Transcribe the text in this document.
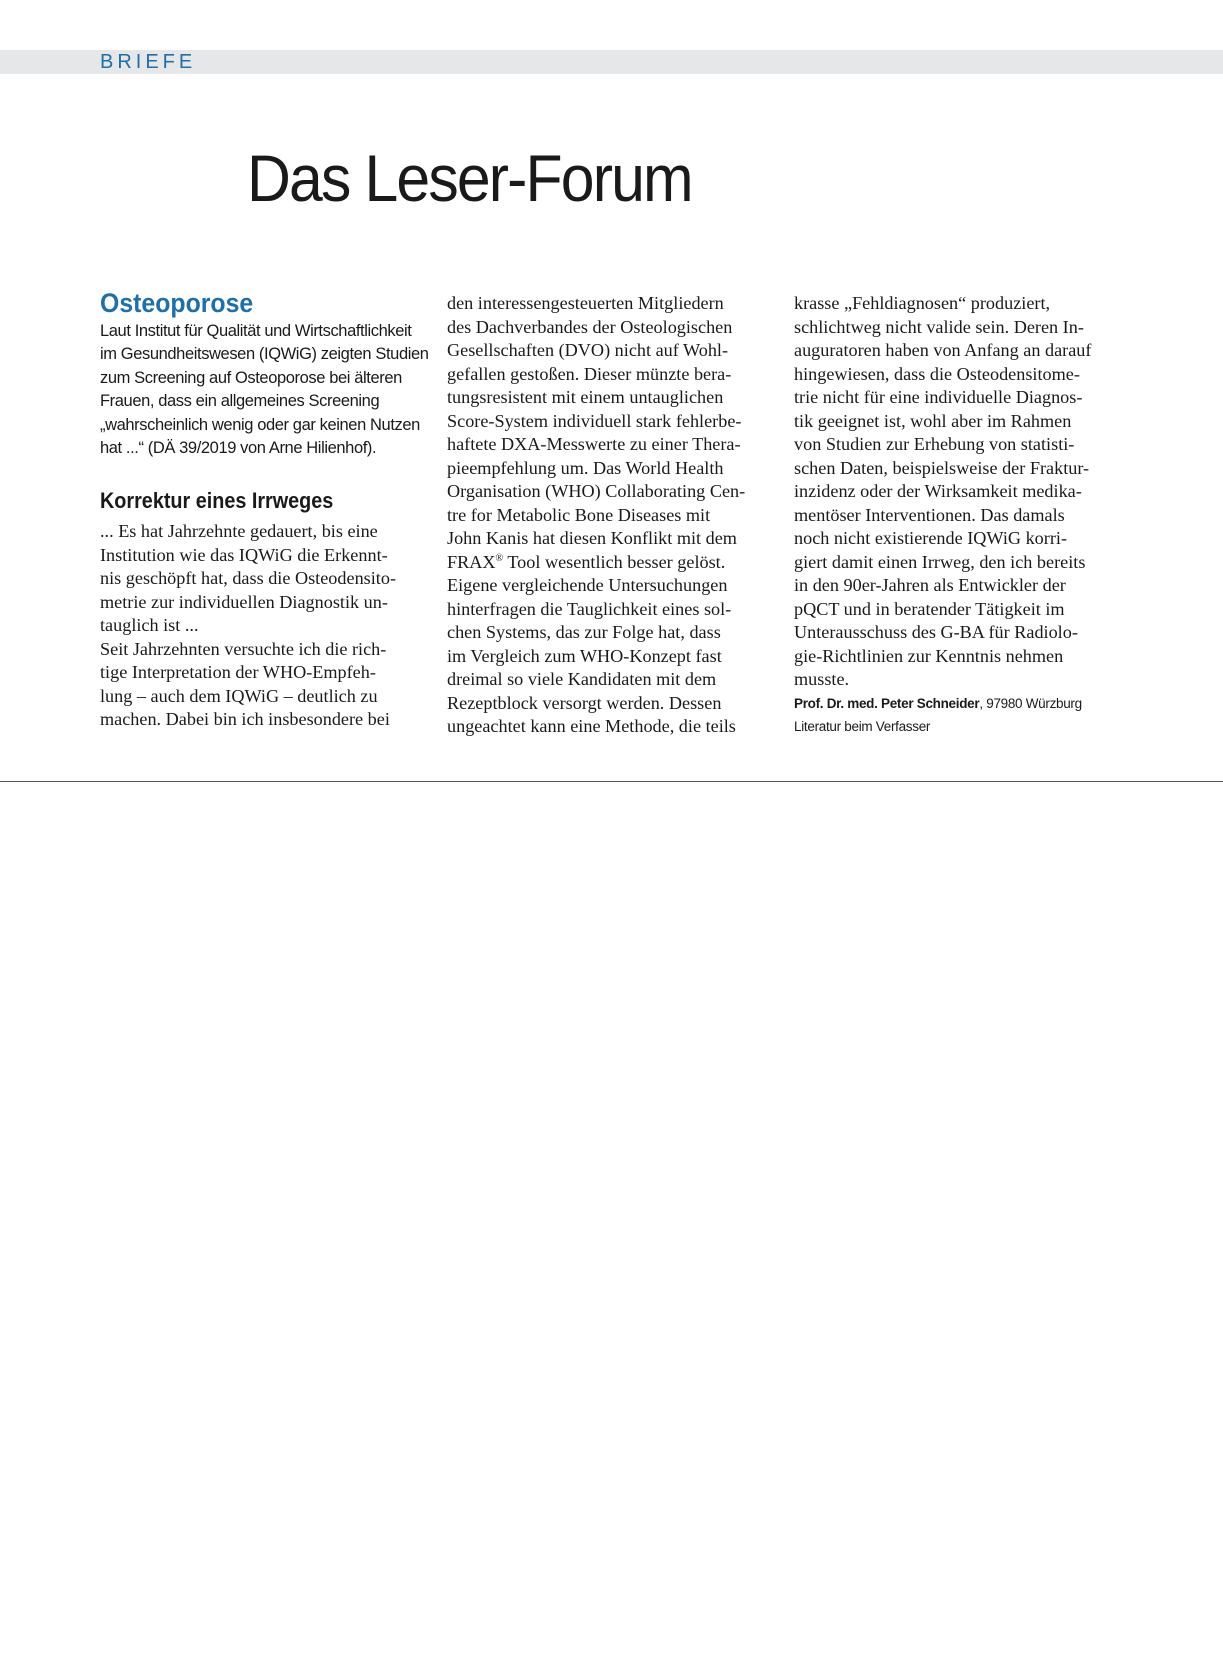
BRIEFE
Das Leser-Forum
Osteoporose
Laut Institut für Qualität und Wirtschaftlichkeit
im Gesundheitswesen (IQWiG) zeigten Studien
zum Screening auf Osteoporose bei älteren
Frauen, dass ein allgemeines Screening
„wahrscheinlich wenig oder gar keinen Nutzen
hat ...“ (DÄ 39/2019 von Arne Hilienhof).
Korrektur eines Irrweges
... Es hat Jahrzehnte gedauert, bis eine
Institution wie das IQWiG die Erkennt-
nis geschöpft hat, dass die Osteodensito-
metrie zur individuellen Diagnostik un-
tauglich ist ...
Seit Jahrzehnten versuchte ich die rich-
tige Interpretation der WHO-Empfeh-
lung – auch dem IQWiG – deutlich zu
machen. Dabei bin ich insbesondere bei
den interessengesteuerten Mitgliedern
des Dachverbandes der Osteologischen
Gesellschaften (DVO) nicht auf Wohl-
gefallen gestoßen. Dieser münzte bera-
tungsresistent mit einem untauglichen
Score-System individuell stark fehlerbe-
haftete DXA-Messwerte zu einer Thera-
pieempfehlung um. Das World Health
Organisation (WHO) Collaborating Cen-
tre for Metabolic Bone Diseases mit
John Kanis hat diesen Konflikt mit dem
FRAX® Tool wesentlich besser gelöst.
Eigene vergleichende Untersuchungen
hinterfragen die Tauglichkeit eines sol-
chen Systems, das zur Folge hat, dass
im Vergleich zum WHO-Konzept fast
dreimal so viele Kandidaten mit dem
Rezeptblock versorgt werden. Dessen
ungeachtet kann eine Methode, die teils
krasse „Fehldiagnosen“ produziert,
schlichtweg nicht valide sein. Deren In-
auguratoren haben von Anfang an darauf
hingewiesen, dass die Osteodensitome-
trie nicht für eine individuelle Diagnos-
tik geeignet ist, wohl aber im Rahmen
von Studien zur Erhebung von statisti-
schen Daten, beispielsweise der Fraktur-
inzidenz oder der Wirksamkeit medika-
mentöser Interventionen. Das damals
noch nicht existierende IQWiG korri-
giert damit einen Irrweg, den ich bereits
in den 90er-Jahren als Entwickler der
pQCT und in beratender Tätigkeit im
Unterausschuss des G-BA für Radiolo-
gie-Richtlinien zur Kenntnis nehmen
musste.
Prof. Dr. med. Peter Schneider, 97980 Würzburg
Literatur beim Verfasser
